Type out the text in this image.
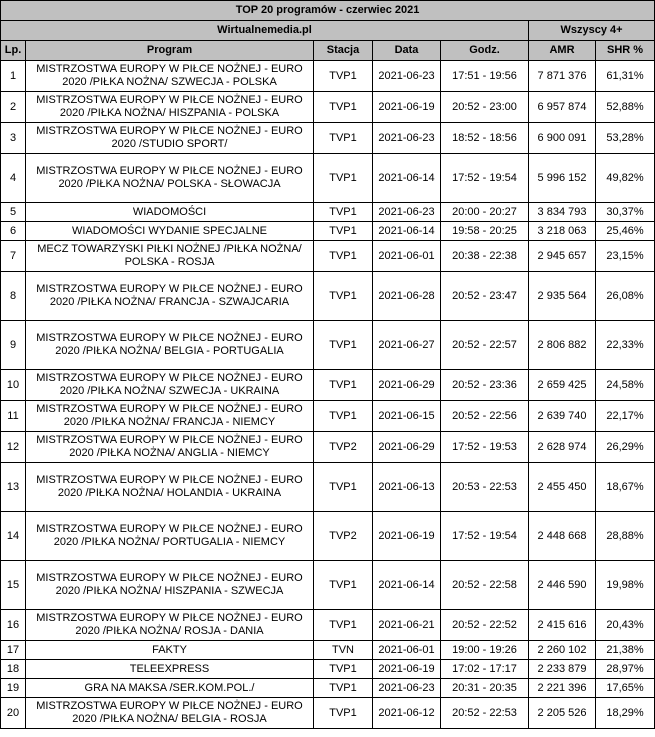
TOP 20 programów - czerwiec 2021						
Wirtualnemedia.pl					Wszyscy 4+	
Lp.	Program	Stacja	Data	Godz.	AMR	SHR %
1	MISTRZOSTWA EUROPY W PIŁCE NOŻNEJ - EURO 2020 /PIŁKA NOŻNA/ SZWECJA - POLSKA	TVP1	2021-06-23	17:51 - 19:56	7 871 376	61,31%
2	MISTRZOSTWA EUROPY W PIŁCE NOŻNEJ - EURO 2020 /PIŁKA NOŻNA/ HISZPANIA - POLSKA	TVP1	2021-06-19	20:52 - 23:00	6 957 874	52,88%
3	MISTRZOSTWA EUROPY W PIŁCE NOŻNEJ - EURO 2020 /STUDIO SPORT/	TVP1	2021-06-23	18:52 - 18:56	6 900 091	53,28%
4	MISTRZOSTWA EUROPY W PIŁCE NOŻNEJ - EURO 2020 /PIŁKA NOŻNA/ POLSKA - SŁOWACJA	TVP1	2021-06-14	17:52 - 19:54	5 996 152	49,82%
5	WIADOMOŚCI	TVP1	2021-06-23	20:00 - 20:27	3 834 793	30,37%
6	WIADOMOŚCI WYDANIE SPECJALNE	TVP1	2021-06-14	19:58 - 20:25	3 218 063	25,46%
7	MECZ TOWARZYSKI PIŁKI NOŻNEJ /PIŁKA NOŻNA/ POLSKA - ROSJA	TVP1	2021-06-01	20:38 - 22:38	2 945 657	23,15%
8	MISTRZOSTWA EUROPY W PIŁCE NOŻNEJ - EURO 2020 /PIŁKA NOŻNA/ FRANCJA - SZWAJCARIA	TVP1	2021-06-28	20:52 - 23:47	2 935 564	26,08%
9	MISTRZOSTWA EUROPY W PIŁCE NOŻNEJ - EURO 2020 /PIŁKA NOŻNA/ BELGIA - PORTUGALIA	TVP1	2021-06-27	20:52 - 22:57	2 806 882	22,33%
10	MISTRZOSTWA EUROPY W PIŁCE NOŻNEJ - EURO 2020 /PIŁKA NOŻNA/ SZWECJA - UKRAINA	TVP1	2021-06-29	20:52 - 23:36	2 659 425	24,58%
11	MISTRZOSTWA EUROPY W PIŁCE NOŻNEJ - EURO 2020 /PIŁKA NOŻNA/ FRANCJA - NIEMCY	TVP1	2021-06-15	20:52 - 22:56	2 639 740	22,17%
12	MISTRZOSTWA EUROPY W PIŁCE NOŻNEJ - EURO 2020 /PIŁKA NOŻNA/ ANGLIA - NIEMCY	TVP2	2021-06-29	17:52 - 19:53	2 628 974	26,29%
13	MISTRZOSTWA EUROPY W PIŁCE NOŻNEJ - EURO 2020 /PIŁKA NOŻNA/ HOLANDIA - UKRAINA	TVP1	2021-06-13	20:53 - 22:53	2 455 450	18,67%
14	MISTRZOSTWA EUROPY W PIŁCE NOŻNEJ - EURO 2020 /PIŁKA NOŻNA/ PORTUGALIA - NIEMCY	TVP2	2021-06-19	17:52 - 19:54	2 448 668	28,88%
15	MISTRZOSTWA EUROPY W PIŁCE NOŻNEJ - EURO 2020 /PIŁKA NOŻNA/ HISZPANIA - SZWECJA	TVP1	2021-06-14	20:52 - 22:58	2 446 590	19,98%
16	MISTRZOSTWA EUROPY W PIŁCE NOŻNEJ - EURO 2020 /PIŁKA NOŻNA/ ROSJA - DANIA	TVP1	2021-06-21	20:52 - 22:52	2 415 616	20,43%
17	FAKTY	TVN	2021-06-01	19:00 - 19:26	2 260 102	21,38%
18	TELEEXPRESS	TVP1	2021-06-19	17:02 - 17:17	2 233 879	28,97%
19	GRA NA MAKSA /SER.KOM.POL./	TVP1	2021-06-23	20:31 - 20:35	2 221 396	17,65%
20	MISTRZOSTWA EUROPY W PIŁCE NOŻNEJ - EURO 2020 /PIŁKA NOŻNA/ BELGIA - ROSJA	TVP1	2021-06-12	20:52 - 22:53	2 205 526	18,29%
